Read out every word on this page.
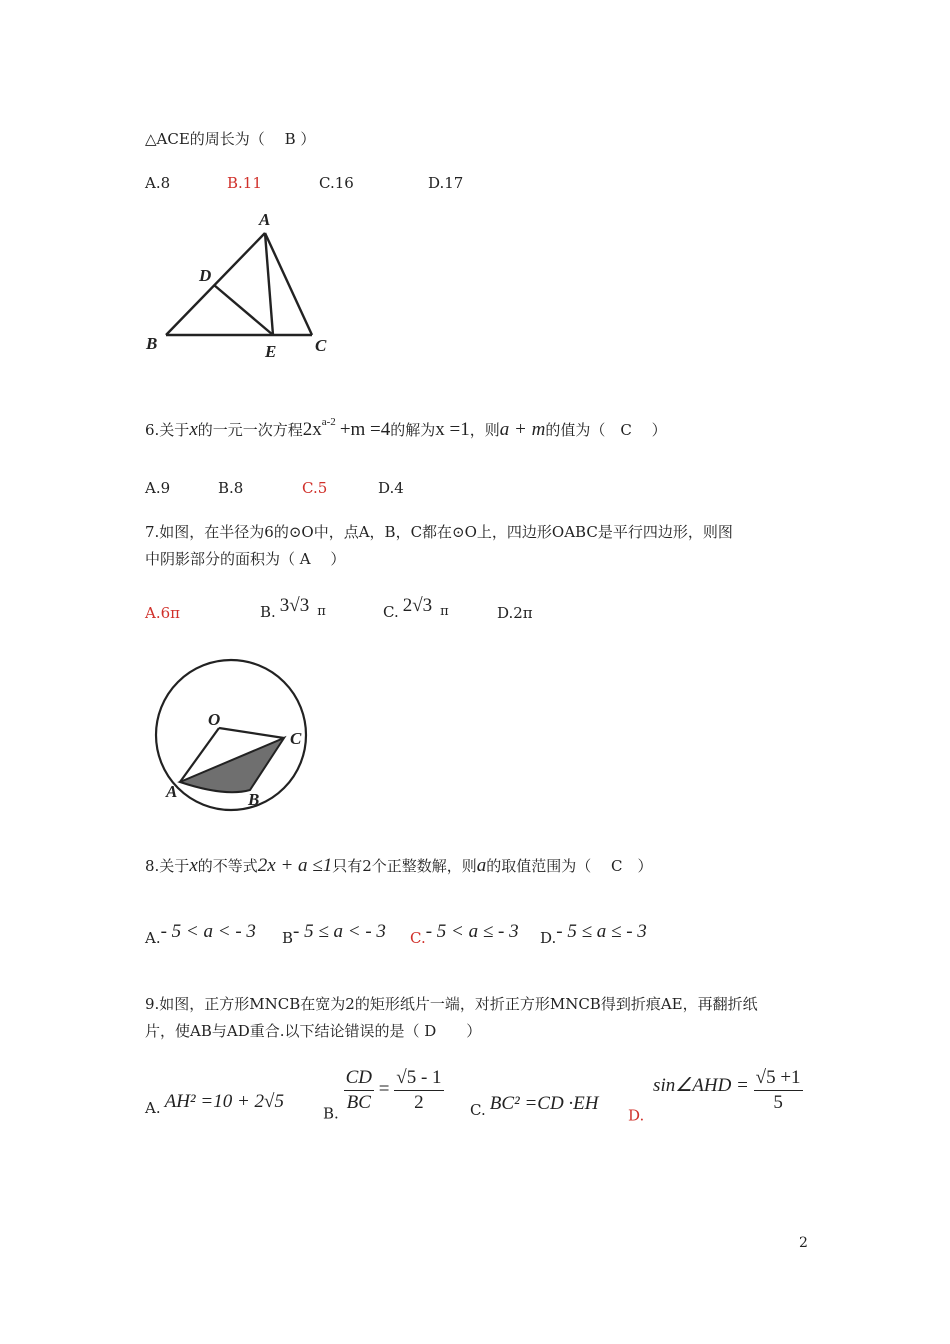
△ACE的周长为（　 B ）
A.8	B.11	C.16	D.17
A
D
B	E C
6.关于x的一元一次方程$2x^{a-2} +m =4$的解为x =1，则a + m的值为（　C　 ）
A.9	B.8	C.5	D.4
7.如图，在半径为6的⊙O中，点A，B，C都在⊙O上，四边形OABC是平行四边形，则图
中阴影部分的面积为（ A　 ）
A.6π	B. 3√3 π	C. 2√3 π	D.2π
O
C
A	B
8.关于x的不等式2x + a ≤1只有2个正整数解，则a的取值范围为（　 C　）
A.- 5 < a < - 3 B- 5 ≤ a < - 3 C.- 5 < a ≤ - 3 D.- 5 ≤ a ≤ - 3
9.如图，正方形MNCB在宽为2的矩形纸片一端，对折正方形MNCB得到折痕AE，再翻折纸
片，使AB与AD重合.以下结论错误的是（ D　　）
A. AH² =10 + 2√5
B. $\frac{CD}{BC} = \frac{√5 - 1}{2} C$. BC² =CD ·EH
D. sin∠AHD = $\frac{√5 +1}{5}$
2
